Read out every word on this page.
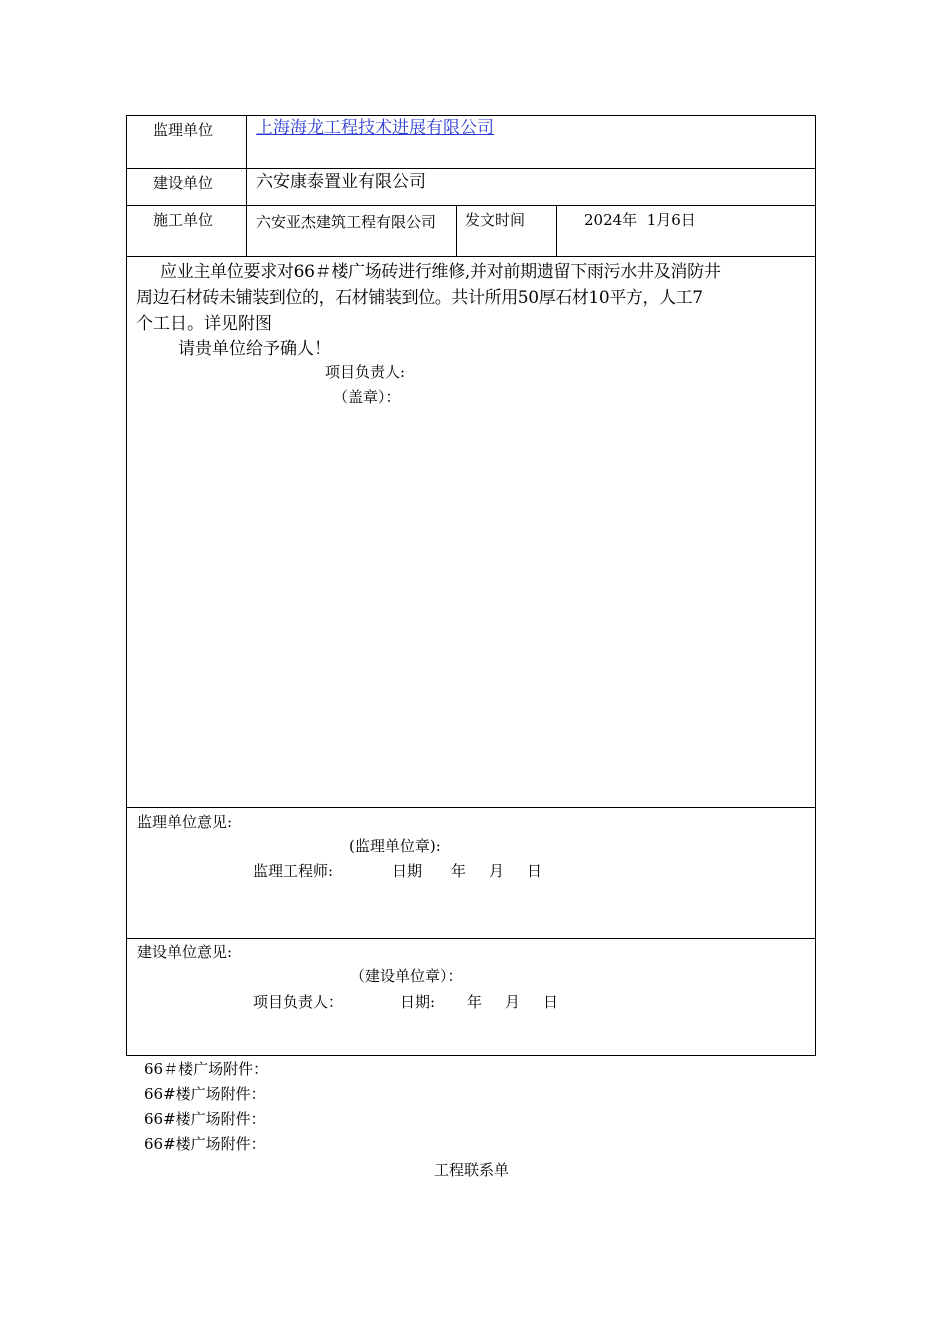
监理单位	上海海龙工程技术进展有限公司
建设单位	六安康泰置业有限公司
施工单位	六安亚杰建筑工程有限公司	发文时间	2024年  1月6日
应业主单位要求对66＃楼广场砖进行维修,并对前期遗留下雨污水井及消防井
周边石材砖未铺装到位的，石材铺装到位。共计所用50厚石材10平方，人工7
个工日。详见附图
请贵单位给予确人！
项目负责人:
（盖章）：
监理单位意见:
(监理单位章):
监理工程师:	日期 年 月 日
建设单位意见:
（建设单位章）：
项目负责人：	日期: 年 月 日
66＃楼广场附件：
66#楼广场附件：
66#楼广场附件：
66#楼广场附件：
工程联系单
